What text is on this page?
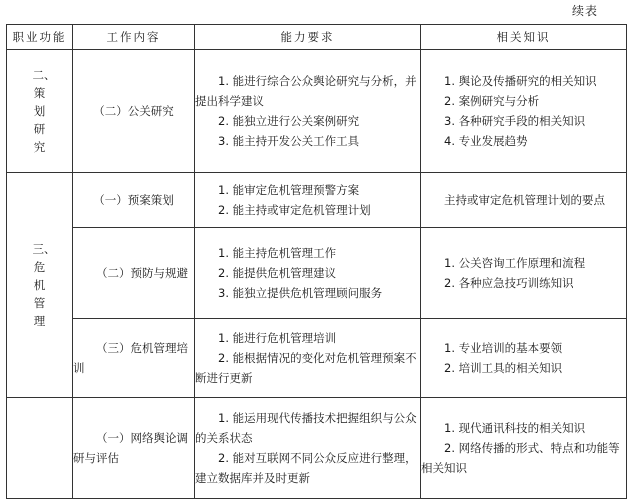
续表
职业功能	工作内容	能力要求	相关知识
二、策划研究	（二）公关研究	1. 能进行综合公众舆论研究与分析，并提出科学建议
2. 能独立进行公关案例研究
3. 能主持开发公关工作工具	1. 舆论及传播研究的相关知识
2. 案例研究与分析
3. 各种研究手段的相关知识
4. 专业发展趋势

三、危机管理	（一）预案策划	1. 能审定危机管理预警方案
2. 能主持或审定危机管理计划	主持或审定危机管理计划的要点

	（二）预防与规避	1. 能主持危机管理工作
2. 能提供危机管理建议
3. 能独立提供危机管理顾问服务	1. 公关咨询工作原理和流程
2. 各种应急技巧训练知识

	（三）危机管理培训	1. 能进行危机管理培训
2. 能根据情况的变化对危机管理预案不断进行更新	1. 专业培训的基本要领
2. 培训工具的相关知识

	（一）网络舆论调研与评估	1. 能运用现代传播技术把握组织与公众的关系状态
2. 能对互联网不同公众反应进行整理，建立数据库并及时更新	1. 现代通讯科技的相关知识
2. 网络传播的形式、特点和功能等相关知识
